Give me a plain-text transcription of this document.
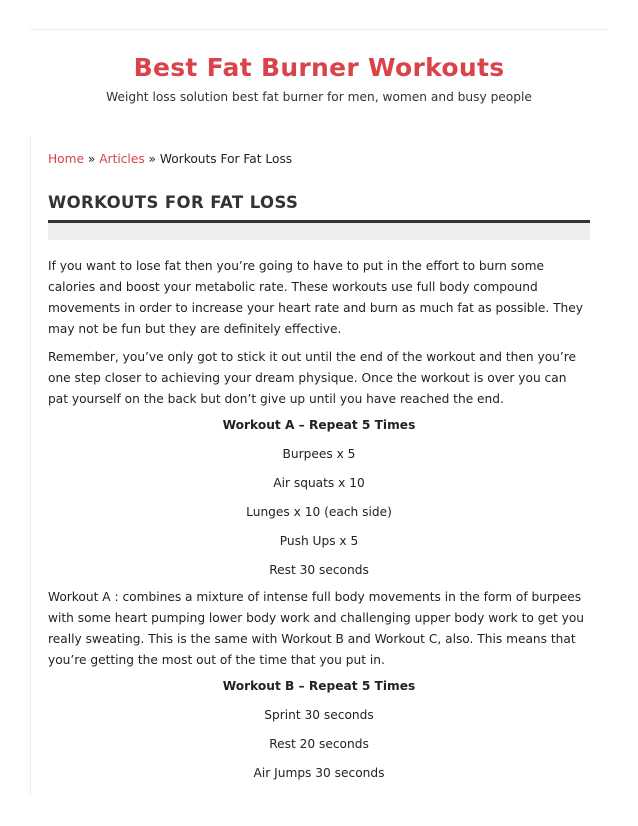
Best Fat Burner Workouts
Weight loss solution best fat burner for men, women and busy people
Home » Articles » Workouts For Fat Loss
WORKOUTS FOR FAT LOSS

If you want to lose fat then you’re going to have to put in the effort to burn some calories and boost your metabolic rate. These workouts use full body compound movements in order to increase your heart rate and burn as much fat as possible. They may not be fun but they are definitely effective.

Remember, you’ve only got to stick it out until the end of the workout and then you’re one step closer to achieving your dream physique. Once the workout is over you can pat yourself on the back but don’t give up until you have reached the end.

Workout A – Repeat 5 Times
Burpees x 5
Air squats x 10
Lunges x 10 (each side)
Push Ups x 5
Rest 30 seconds

Workout A : combines a mixture of intense full body movements in the form of burpees with some heart pumping lower body work and challenging upper body work to get you really sweating. This is the same with Workout B and Workout C, also. This means that you’re getting the most out of the time that you put in.

Workout B – Repeat 5 Times
Sprint 30 seconds
Rest 20 seconds
Air Jumps 30 seconds
